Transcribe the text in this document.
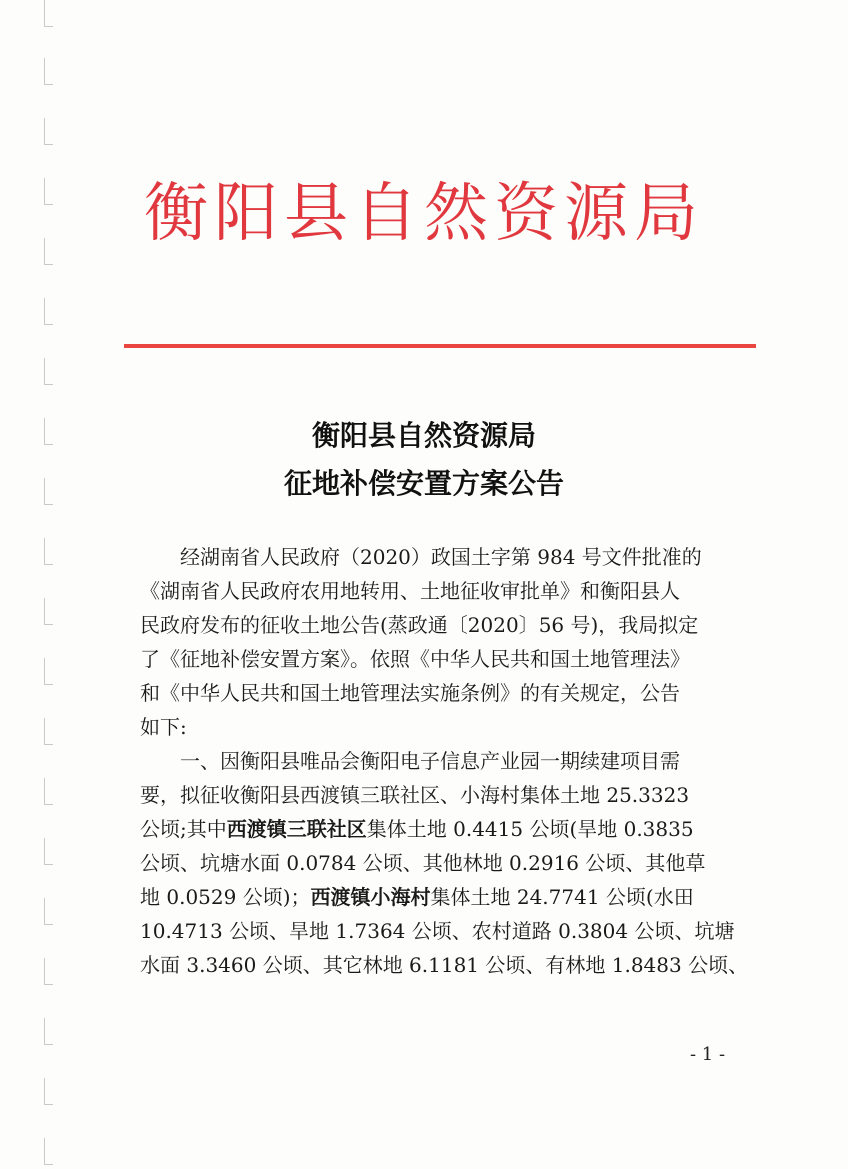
衡阳县自然资源局
衡阳县自然资源局
征地补偿安置方案公告
经湖南省人民政府（2020）政国土字第 984 号文件批准的
《湖南省人民政府农用地转用、土地征收审批单》和衡阳县人
民政府发布的征收土地公告(蒸政通〔2020〕56 号)，我局拟定
了《征地补偿安置方案》。依照《中华人民共和国土地管理法》
和《中华人民共和国土地管理法实施条例》的有关规定，公告
如下:
一、因衡阳县唯品会衡阳电子信息产业园一期续建项目需
要，拟征收衡阳县西渡镇三联社区、小海村集体土地 25.3323
公顷;其中西渡镇三联社区集体土地 0.4415 公顷(旱地 0.3835
公顷、坑塘水面 0.0784 公顷、其他林地 0.2916 公顷、其他草
地 0.0529 公顷)；西渡镇小海村集体土地 24.7741 公顷(水田
10.4713 公顷、旱地 1.7364 公顷、农村道路 0.3804 公顷、坑塘
水面 3.3460 公顷、其它林地 6.1181 公顷、有林地 1.8483 公顷、
- 1 -
